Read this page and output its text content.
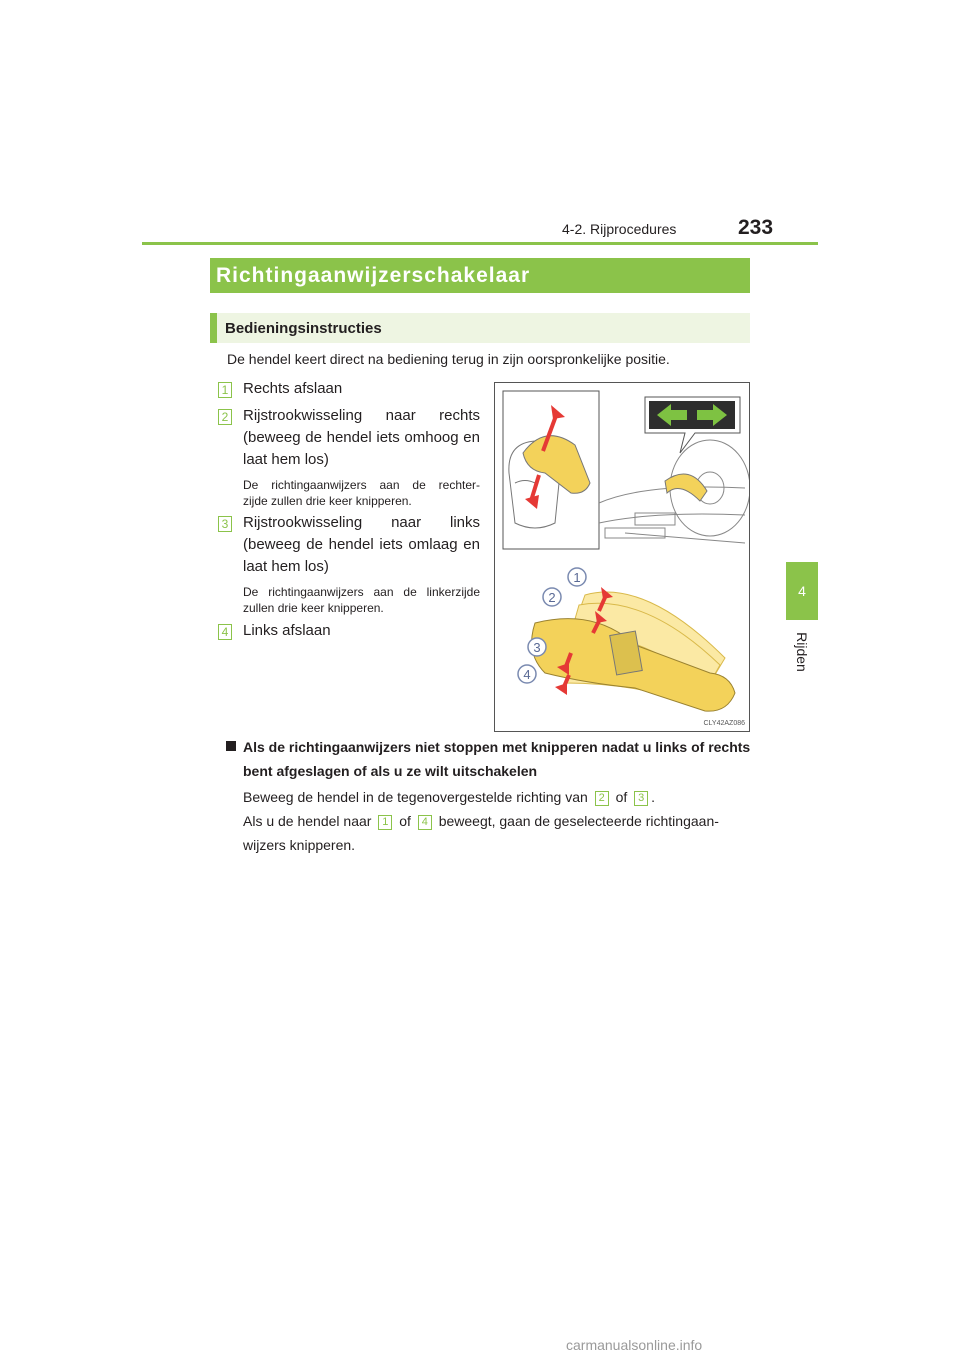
233
4-2. Rijprocedures
4
Rijden
Richtingaanwijzerschakelaar
Bedieningsinstructies
De hendel keert direct na bediening terug in zijn oorspronkelijke positie.
1 Rechts afslaan
2 Rijstrookwisseling naar rechts
(beweeg de hendel iets omhoog en
laat hem los)
De richtingaanwijzers aan de rechter-
zijde zullen drie keer knipperen.
3 Rijstrookwisseling naar links
(beweeg de hendel iets omlaag en
laat hem los)
De richtingaanwijzers aan de linkerzijde
zullen drie keer knipperen.
4 Links afslaan
1
2
3
4
CLY42AZ086
Als de richtingaanwijzers niet stoppen met knipperen nadat u links of rechts
bent afgeslagen of als u ze wilt uitschakelen
Beweeg de hendel in de tegenovergestelde richting van 2 of 3 .
Als u de hendel naar 1 of 4 beweegt, gaan de geselecteerde richtingaan-
wijzers knipperen.
carmanualsonline.info
